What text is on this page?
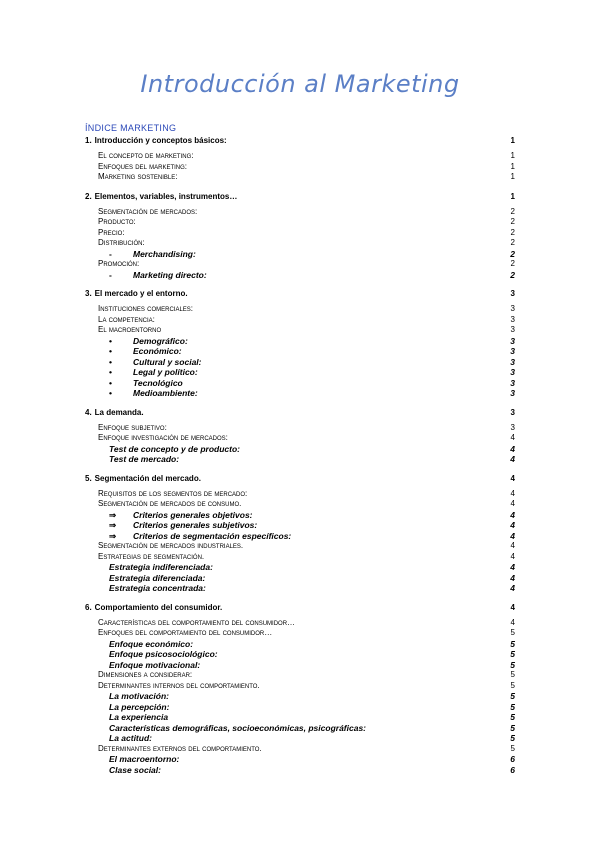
Introducción al Marketing
ÍNDICE MARKETING
1. Introducción y conceptos básicos:	1
El concepto de marketing:	1
Enfoques del marketing:	1
Marketing sostenible:	1
2. Elementos, variables, instrumentos…	1
Segmentación de mercados:	2
Producto:	2
Precio:	2
Distribución:	2
- Merchandising:	2
Promoción:	2
- Marketing directo:	2
3. El mercado y el entorno.	3
Instituciones comerciales:	3
La competencia:	3
El macroentorno	3
• Demográfico:	3
• Económico:	3
• Cultural y social:	3
• Legal y político:	3
• Tecnológico	3
• Medioambiente:	3
4. La demanda.	3
Enfoque subjetivo:	3
Enfoque investigación de mercados:	4
Test de concepto y de producto:	4
Test de mercado:	4
5. Segmentación del mercado.	4
Requisitos de los segmentos de mercado:	4
Segmentación de mercados de consumo.	4
⇒ Criterios generales objetivos:	4
⇒ Criterios generales subjetivos:	4
⇒ Criterios de segmentación específicos:	4
Segmentación de mercados industriales.	4
Estrategias de segmentación.	4
Estrategia indiferenciada:	4
Estrategia diferenciada:	4
Estrategia concentrada:	4
6. Comportamiento del consumidor.	4
Características del comportamiento del consumidor…	4
Enfoques del comportamiento del consumidor…	5
Enfoque económico:	5
Enfoque psicosociológico:	5
Enfoque motivacional:	5
Dimensiones a considerar:	5
Determinantes internos del comportamiento.	5
La motivación:	5
La percepción:	5
La experiencia	5
Características demográficas, socioeconómicas, psicográficas:	5
La actitud:	5
Determinantes externos del comportamiento.	5
El macroentorno:	6
Clase social:	6
